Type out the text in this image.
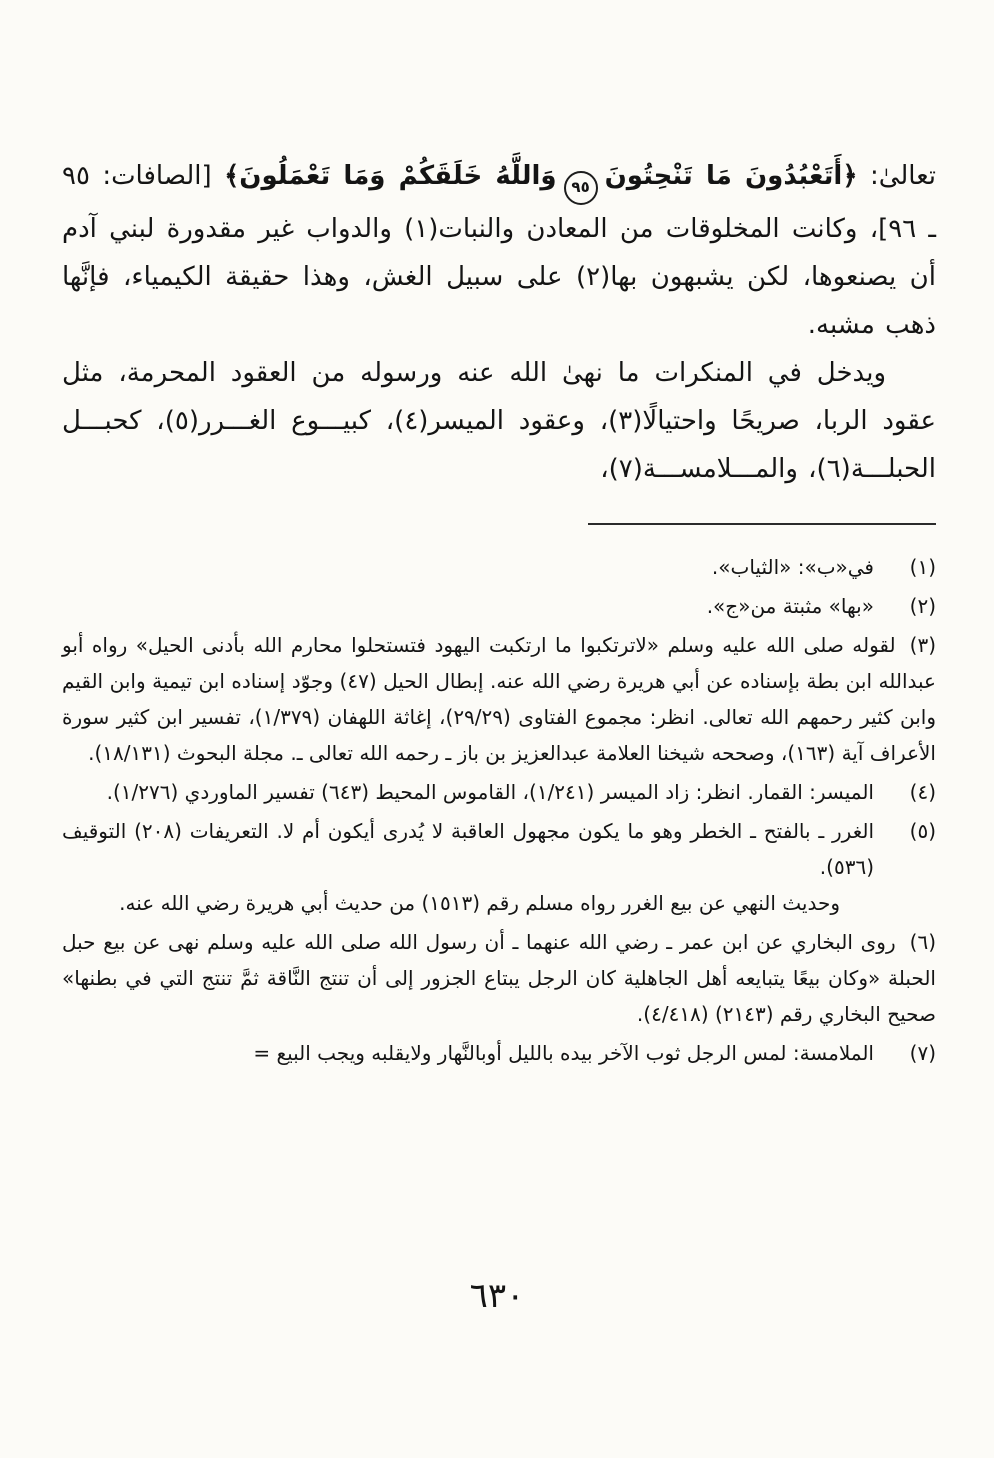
تعالىٰ: ﴿أَتَعْبُدُونَ مَا تَنْحِتُونَ٩٥وَاللَّهُ خَلَقَكُمْ وَمَا تَعْمَلُونَ﴾ [الصافات: ٩٥ ـ ٩٦]، وكانت المخلوقات من المعادن والنبات(١) والدواب غير مقدورة لبني آدم أن يصنعوها، لكن يشبهون بها(٢) على سبيل الغش، وهذا حقيقة الكيمياء، فإنَّها ذهب مشبه.

ويدخل في المنكرات ما نهىٰ الله عنه ورسوله من العقود المحرمة، مثل عقود الربا، صريحًا واحتيالًا(٣)، وعقود الميسر(٤)، كبيـــوع الغـــرر(٥)، كحبـــل الحبلـــة(٦)، والمـــلامســـة(٧)،

(١)
في«ب»: «الثياب».
(٢)
«بها» مثبتة من«ج».
(٣)لقوله صلى الله عليه وسلم «لاترتكبوا ما ارتكبت اليهود فتستحلوا محارم الله بأدنى الحيل» رواه أبو عبدالله ابن بطة بإسناده عن أبي هريرة رضي الله عنه. إبطال الحيل (٤٧) وجوّد إسناده ابن تيمية وابن القيم وابن كثير رحمهم الله تعالى. انظر: مجموع الفتاوى (٢٩/٢٩)، إغاثة اللهفان (١/٣٧٩)، تفسير ابن كثير سورة الأعراف آية (١٦٣)، وصححه شيخنا العلامة عبدالعزيز بن باز ـ رحمه الله تعالى ـ. مجلة البحوث (١٨/١٣١).
(٤)
الميسر: القمار. انظر: زاد الميسر (١/٢٤١)، القاموس المحيط (٦٤٣) تفسير الماوردي (١/٢٧٦).
(٥)
الغرر ـ بالفتح ـ الخطر وهو ما يكون مجهول العاقبة لا يُدرى أيكون أم لا. التعريفات (٢٠٨) التوقيف (٥٣٦).
وحديث النهي عن بيع الغرر رواه مسلم رقم (١٥١٣) من حديث أبي هريرة رضي الله عنه.
(٦)روى البخاري عن ابن عمر ـ رضي الله عنهما ـ أن رسول الله صلى الله عليه وسلم نهى عن بيع حبل الحبلة «وكان بيعًا يتبايعه أهل الجاهلية كان الرجل يبتاع الجزور إلى أن تنتج النَّاقة ثمَّ تنتج التي في بطنها» صحيح البخاري رقم (٢١٤٣) (٤/٤١٨).
(٧)
الملامسة: لمس الرجل ثوب الآخر بيده بالليل أوبالنَّهار ولايقلبه ويجب البيع =
٦٣٠
